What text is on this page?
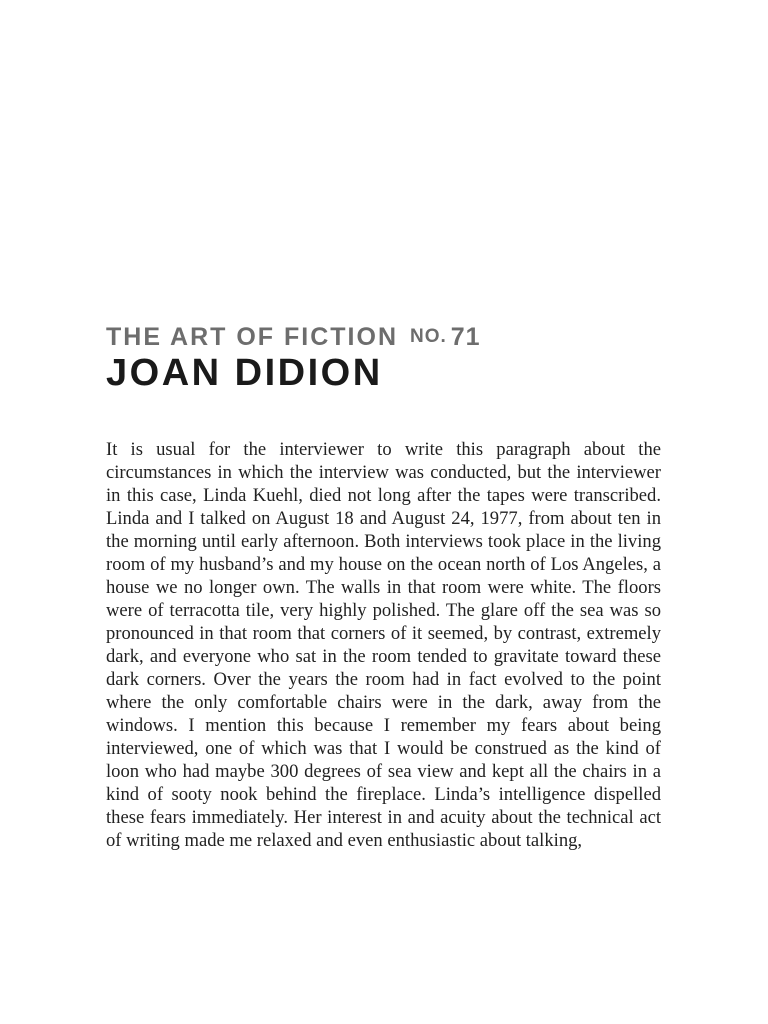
THE ART OF FICTION NO. 71
JOAN DIDION

It is usual for the interviewer to write this paragraph about the circumstances in which the interview was conducted, but the interviewer in this case, Linda Kuehl, died not long after the tapes were transcribed. Linda and I talked on August 18 and August 24, 1977, from about ten in the morning until early afternoon. Both interviews took place in the living room of my husband’s and my house on the ocean north of Los Angeles, a house we no longer own. The walls in that room were white. The floors were of terracotta tile, very highly polished. The glare off the sea was so pronounced in that room that corners of it seemed, by contrast, extremely dark, and everyone who sat in the room tended to gravitate toward these dark corners. Over the years the room had in fact evolved to the point where the only comfortable chairs were in the dark, away from the windows. I mention this because I remember my fears about being interviewed, one of which was that I would be construed as the kind of loon who had maybe 300 degrees of sea view and kept all the chairs in a kind of sooty nook behind the fireplace. Linda’s intelligence dispelled these fears immediately. Her interest in and acuity about the technical act of writing made me relaxed and even enthusiastic about talking,
